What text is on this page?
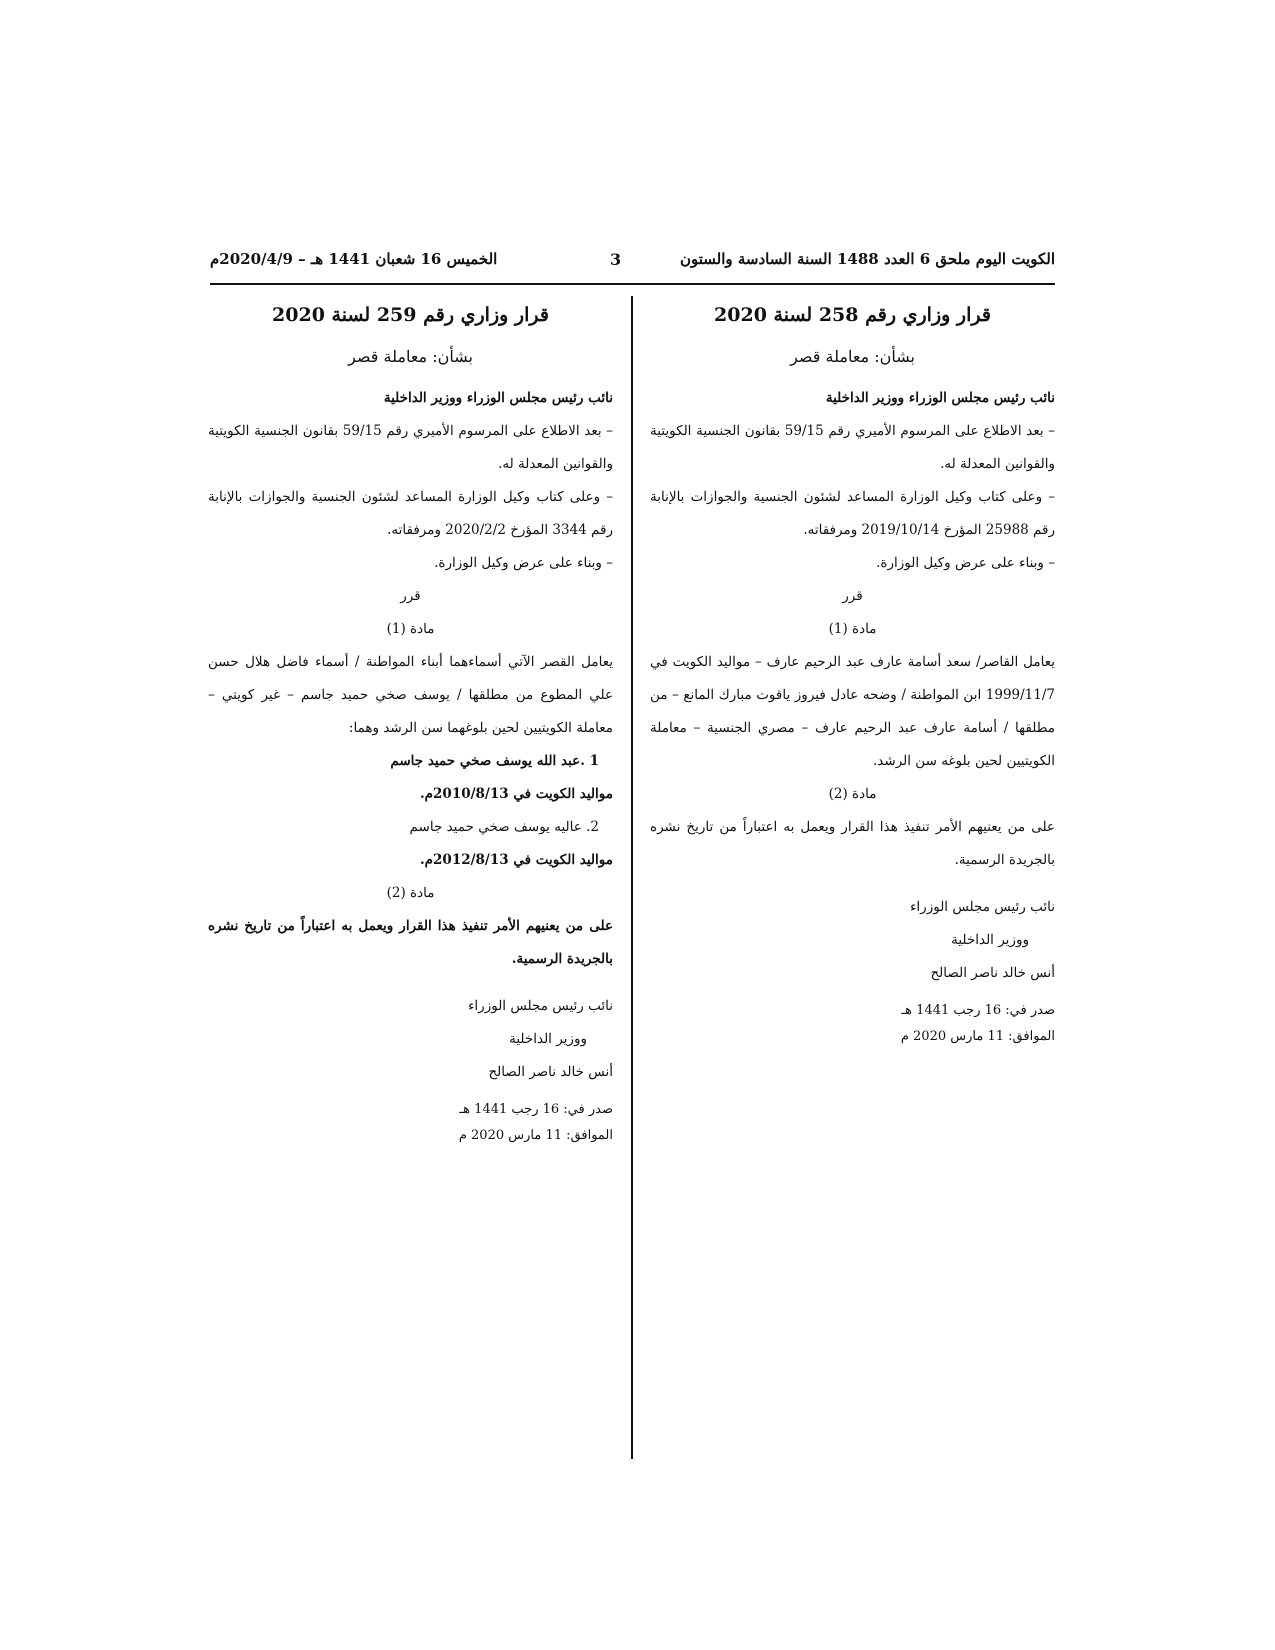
الكويت اليوم ملحق 6 العدد 1488 السنة السادسة والستون
3
الخميس 16 شعبان 1441 هـ – 2020/4/9م
قرار وزاري رقم 258 لسنة 2020
بشأن: معاملة قصر

نائب رئيس مجلس الوزراء ووزير الداخلية

– بعد الاطلاع على المرسوم الأميري رقم 59/15 بقانون الجنسية الكويتية والقوانين المعدلة له.

– وعلى كتاب وكيل الوزارة المساعد لشئون الجنسية والجوازات بالإنابة رقم 25988 المؤرخ 2019/10/14 ومرفقاته.

– وبناء على عرض وكيل الوزارة.

قرر

مادة (1)

يعامل القاصر/ سعد أسامة عارف عبد الرحيم عارف – مواليد الكويت في 1999/11/7 ابن المواطنة / وضحه عادل فيروز ياقوت مبارك المانع – من مطلقها / أسامة عارف عبد الرحيم عارف – مصري الجنسية – معاملة الكويتيين لحين بلوغه سن الرشد.

مادة (2)

على من يعنيهم الأمر تنفيذ هذا القرار ويعمل به اعتباراً من تاريخ نشره بالجريدة الرسمية.

نائب رئيس مجلس الوزراء

ووزير الداخلية

أنس خالد ناصر الصالح

صدر في: 16 رجب 1441 هـ

الموافق: 11 مارس 2020 م

قرار وزاري رقم 259 لسنة 2020
بشأن: معاملة قصر

نائب رئيس مجلس الوزراء ووزير الداخلية

– بعد الاطلاع على المرسوم الأميري رقم 59/15 بقانون الجنسية الكويتية والقوانين المعدلة له.

– وعلى كتاب وكيل الوزارة المساعد لشئون الجنسية والجوازات بالإنابة رقم 3344 المؤرخ 2020/2/2 ومرفقاته.

– وبناء على عرض وكيل الوزارة.

قرر

مادة (1)

يعامل القصر الآتي أسماءهما أبناء المواطنة / أسماء فاضل هلال حسن علي المطوع من مطلقها / يوسف صخي حميد جاسم – غير كويتي – معاملة الكويتيين لحين بلوغهما سن الرشد وهما:

1 .عبد الله يوسف صخي حميد جاسم

مواليد الكويت في 2010/8/13م.

2. عاليه يوسف صخي حميد جاسم

مواليد الكويت في 2012/8/13م.

مادة (2)

على من يعنيهم الأمر تنفيذ هذا القرار ويعمل به اعتباراً من تاريخ نشره بالجريدة الرسمية.

نائب رئيس مجلس الوزراء

ووزير الداخلية

أنس خالد ناصر الصالح

صدر في: 16 رجب 1441 هـ

الموافق: 11 مارس 2020 م
